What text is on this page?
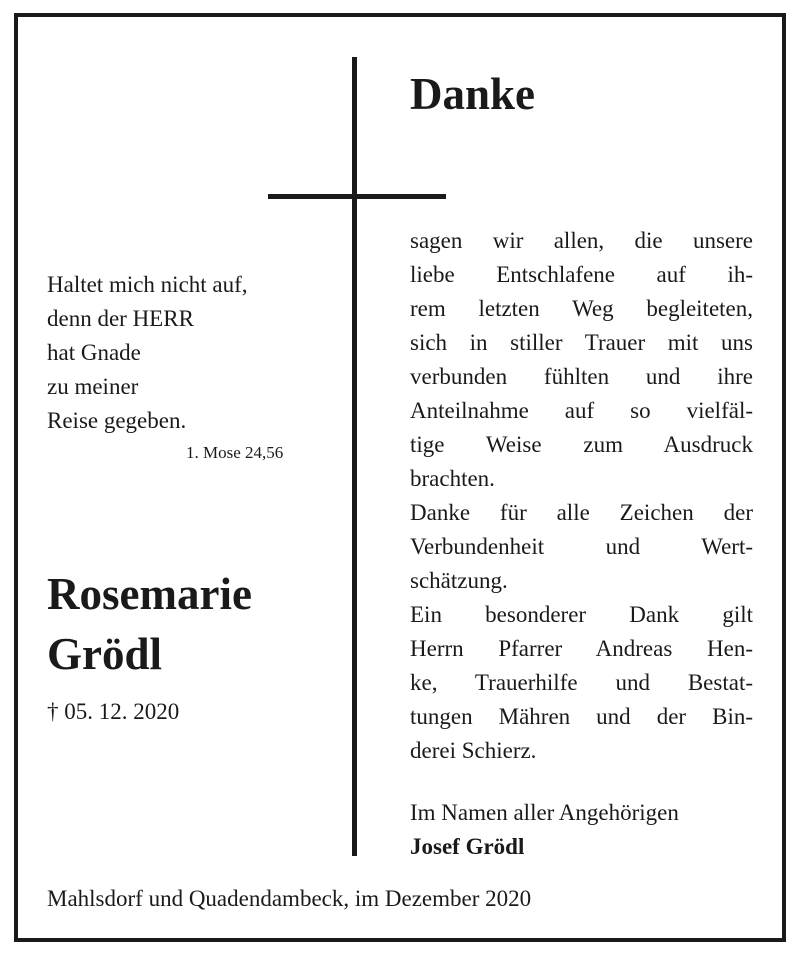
Danke
Haltet mich nicht auf,
denn der HERR
hat Gnade
zu meiner
Reise gegeben.
1. Mose 24,56
Rosemarie
Grödl
† 05. 12. 2020
sagen wir allen, die unsere
liebe Entschlafene auf ih-
rem letzten Weg begleiteten,
sich in stiller Trauer mit uns
verbunden fühlten und ihre
Anteilnahme auf so vielfäl-
tige Weise zum Ausdruck
brachten.
Danke für alle Zeichen der
Verbundenheit und Wert-
schätzung.
Ein besonderer Dank gilt
Herrn Pfarrer Andreas Hen-
ke, Trauerhilfe und Bestat-
tungen Mähren und der Bin-
derei Schierz.
Im Namen aller Angehörigen
Josef Grödl
Mahlsdorf und Quadendambeck, im Dezember 2020
